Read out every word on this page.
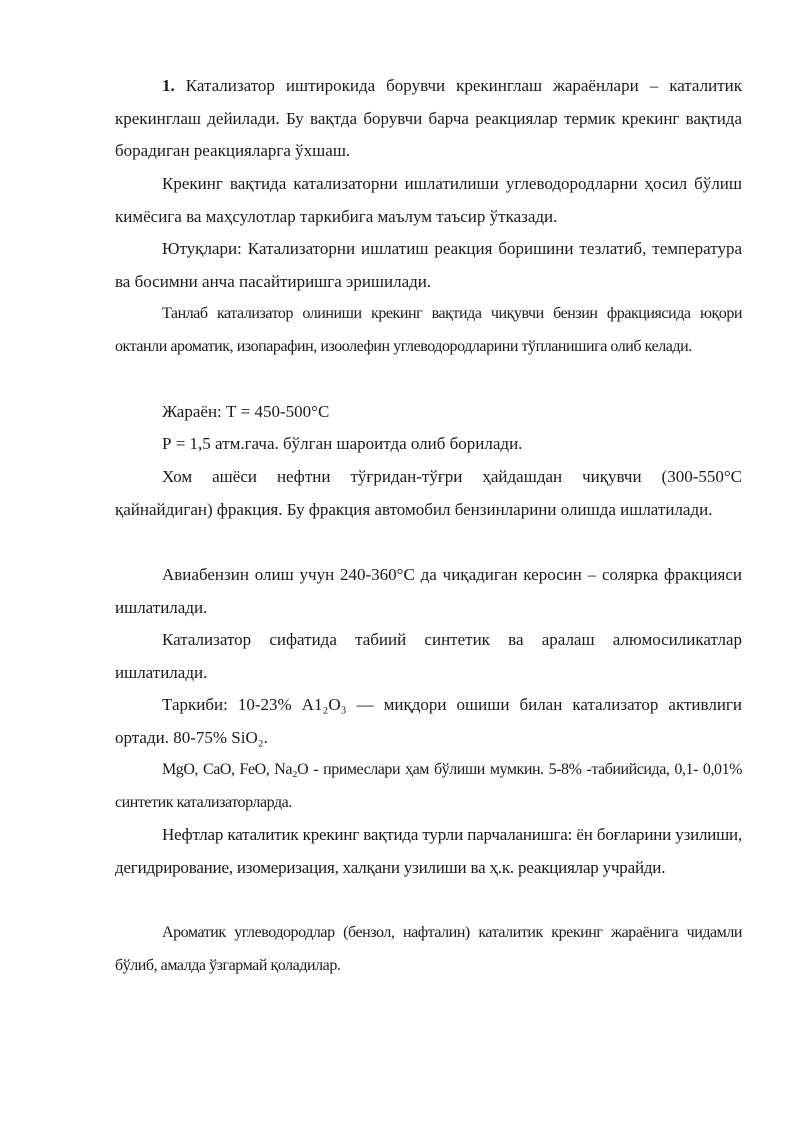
1. Катализатор иштирокида борувчи крекинглаш жараёнлари – каталитик крекинглаш дейилади. Бу вақтда борувчи барча реакциялар термик крекинг вақтида борадиган реакцияларга ўхшаш.

Крекинг вақтида катализаторни ишлатилиши углеводородларни ҳосил бўлиш кимёсига ва маҳсулотлар таркибига маълум таъсир ўтказади.

Ютуқлари: Катализаторни ишлатиш реакция боришини тезлатиб, температура ва босимни анча пасайтиришга эришилади.

Танлаб катализатор олиниши крекинг вақтида чиқувчи бензин фракциясида юқори октанли ароматик, изопарафин, изоолефин углеводородларини тўпланишига олиб келади.

Жараён: Т = 450-500°С

Р = 1,5 атм.гача. бўлган шароитда олиб борилади.

Хом ашёси нефтни тўғридан-тўғри ҳайдашдан чиқувчи (300-550°С қайнайдиган) фракция. Бу фракция автомобил бензинларини олишда ишлатилади.

Авиабензин олиш учун 240-360°С да чиқадиган керосин – солярка фракцияси ишлатилади.

Катализатор сифатида табиий синтетик ва аралаш алюмосиликатлар ишлатилади.

Таркиби: 10-23% А1₂О₃ — миқдори ошиши билан катализатор активлиги ортади. 80-75% SiО₂.

MgO, CaO, FeO, Na₂O - примеслари ҳам бўлиши мумкин. 5-8% -табиийсида, 0,1- 0,01% синтетик катализаторларда.

Нефтлар каталитик крекинг вақтида турли парчаланишга: ён боғларини узилиши, дегидрирование, изомеризация, халқани узилиши ва ҳ.к. реакциялар учрайди.

Ароматик углеводородлар (бензол, нафталин) каталитик крекинг жараёнига чидамли бўлиб, амалда ўзгармай қоладилар.
